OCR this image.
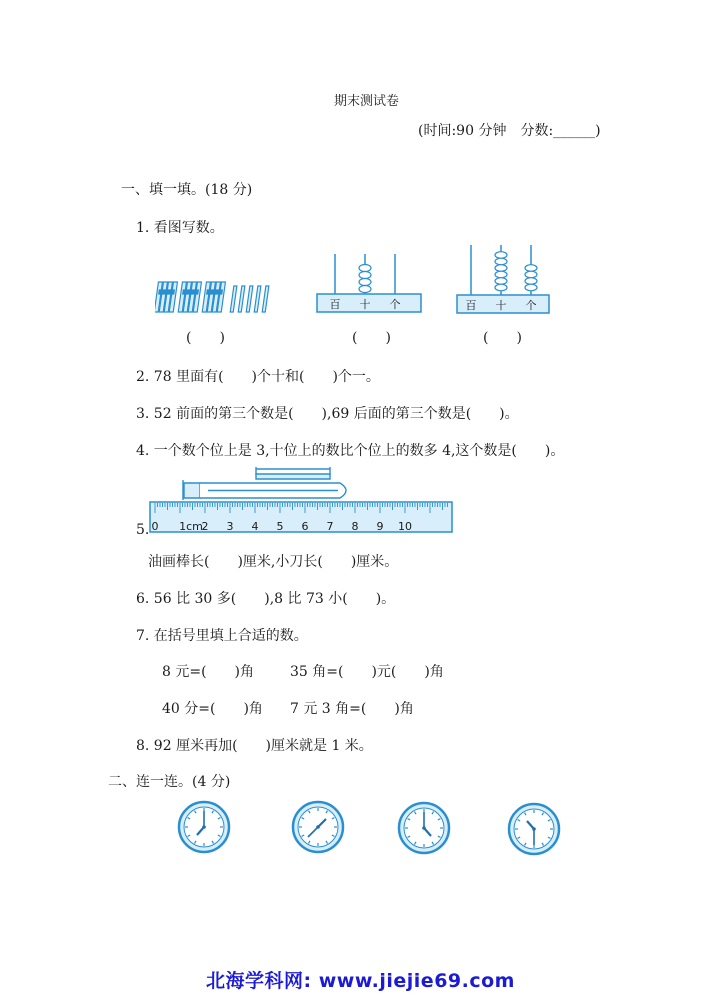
期末测试卷
(时间:90 分钟　分数:______)
一、填一填。(18 分)
1. 看图写数。
百 十 个	百 十 个
(　　)	(　　)	(　　)
2. 78 里面有(　　)个十和(　　)个一。
3. 52 前面的第三个数是(　　),69 后面的第三个数是(　　)。
4. 一个数个位上是 3,十位上的数比个位上的数多 4,这个数是(　　)。
5. 0 1cm
2 3 4 5 6 7 8 9 10
油画棒长(　　)厘米,小刀长(　　)厘米。
6. 56 比 30 多(　　),8 比 73 小(　　)。
7. 在括号里填上合适的数。
8 元=(　　)角	35 角=(　　)元(　　)角
40 分=(　　)角 7 元 3 角=(　　)角
8. 92 厘米再加(　　)厘米就是 1 米。
二、连一连。(4 分)
北海学科网: www.jiejie69.com
